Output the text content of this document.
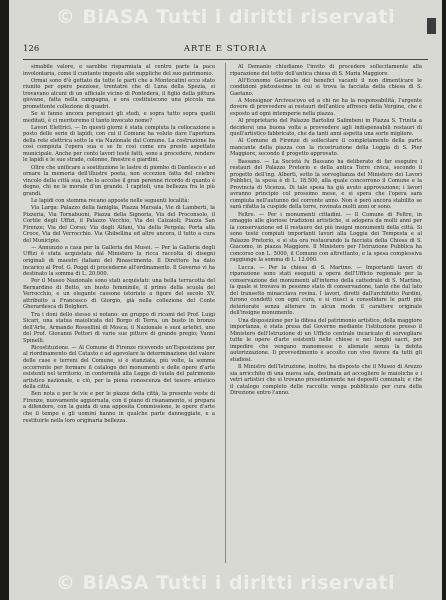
© BiASA Tutti i diritti riservati
126	ARTE E STORIA

simabile valore, e sarebbe risparmiata al centro parte la pace involontaria, come il cuntante imposto alle suppliche del suo patrimonio.

Ormai sono d'è gettato da tutte le parti che a Montecatini ecco stato riunito per opere pezziose, trentatrè che di Luna della Spezia, si trovavano alcuni di un ufficiale vicino di Pontedera, il figlio della pittura giovane, fatta nella campagna, e ora costituiscono una piccola ma promettente collezione di quadri.

Se si fanno ancora perspicaci gli studi, e sopra tutto sopra quelli meditati, è ci meriteremo il tanto invocato nome?

Lavori Elettrici. — In questi giorni è stata compiuta la collocazione a posto delle serie di lapidi, con cui il Comune ha voluto dare l'apertura della rete elettrica sotto la via Nazionale dal Comune. La costruzione ha così compiuta l'opera sua e se fu cosi come era presto aspettato municipale. Anche per cento lavori testé fatti, sono a procedere, rendere le lapidi e le sue strade, colonne, finestre e giardini.

Oltre che unificare a sostituzione le lastre di piombo di Dantesco e ad ornare la memoria dell'illustre poeta, non eccezion fatta del celebre vincolo della città sua, che lo accolse il gran perenne ricordo di quanto è degno, chi ne le morale d'un grande. I capitoli, una bellezza fra le più grandi.

Le lapidi con stemma recano apposte nelle seguenti località:

Via Larga: Palazzo della famiglia, Piazza Marsala, Vie di Lamberti, la Pizzeria, Via Tornabuoni, Piazza della Signoria, Via del Proconsolo, il Cortile degli Uffizi, il Palazzo Vecchio, Via dei Calzaioli; Piazza San Firenze; Via del Corso; Via degli Alfani, Via della Pergola; Porta alla Croce, Via del Verrocchio. Via Ghibellina ed altre ancora, il tutto a cura del Municipio.

— Annunzio a casa per la Galleria dei Musei. — Per la Galleria degli Uffizi è stata acquistata dal Ministero la ricca raccolta di disegni originali di maestri italiani del Rinascimento. Il Direttore ha dato incarico al Prof. G. Poggi di procederne all'ordinamento. Il Governo vi ha destinato la somma di L. 20.000.

Per il Museo Nazionale sono stati acquistati: una bella terracotta del Bernardino di Betto, un busto femminile, il primo della scuola del Verrocchio, e un elegante cassone istoriato a figure del secolo XV, attribuito a Francesco di Giorgio, già nella collezione del Conte Gherardesca di Bolgheri.

Tra i doni dello stesso si notano: un gruppo di ricami del Prof. Luigi Sicari, una statua maiolicata del Borgo di Terra, un busto in bronzo dell'Arte, Armando Rossellini di Mosca; il Nazionale e suoi artefici, uno del Prof. Giovanni Pettori di varie sue pitture di grande pregio; Vanni Spinelli.

Ricostituzione. — Al Comune di Firenze ricevendo un'Esposizione per al riordinamento del Catasto e ad agevolare la determinazione del valore delle case e terreni del Comune, si è stanziata, più volte, la somma occorrente per formare il catalogo dei monumenti e delle opere d'arte esistenti nel territorio, in conformità alla Legge di tutela del patrimonio artistico nazionale, e ciò, per la piena conoscenza del tesoro artistico della città.

Ben nota e per le vie e per le piazze della città, la presente veste di Firenze, nuovamente aggiornata, con il piano di risanamento, si prepara a difendere, con la guida di una apposita Commissione, le opere d'arte che il tempo e gli uomini hanno in qualche parte danneggiate, e a restituirle nella loro originaria bellezza.

Al Demanio chiudiamo l'invito di procedere sollecitamente alla riparazione del tetto dell'antica chiesa di S. Maria Maggiore.

All'Economo Generale dei benefici vacanti il non dimenticare le condizioni pietosissime in cui si trova la facciata della chiesa di S. Gaetano.

A Monsignor Arcivescovo ed a chi ne ha la responsabilità, l'urgente dovere di provvedere ai restauri dell'antico affresco della Vergine, che è esposto ad ogni intemperie nella piazza.

Al proprietario del Palazzo Bartolini Salimbeni in Piazza S. Trinita a decidersi una buona volta a provvedere agli indispensabili restauri di quell'artistico fabbricato, che da tanti anni aspetta una sorte migliore.

Al Comune di Firenze di sollecitare il completamento della parte mancante della piazza con la ricostruzione della Loggia di S. Pier Maggiore, secondo il progetto approvato.

Bassano. — La Società fu Bassano ha deliberato di far eseguire i restauri del Palazzo Pretorio e della antica Torre civica, secondo il progetto dell'ing. Alberti, sotto la sorveglianza del Ministero dei Lavori Pubblici, la spesa è di L. 18.500, alla quale concorrono il Comune e la Provincia di Vicenza. Di tale spesa ha già avuto approvazione; i lavori avranno principio col prossimo mese, e si spera che l'opera sarà compiuta nell'autunno del corrente anno. Non è però ancora stabilito se sarà rifatta la cuspide della torre, rovinata molti anni or sono.

Feltre. — Per i monumenti cittadini. — Il Comune di Feltre, in omaggio alle gloriose tradizioni artistiche, si adopera da molti anni per la conservazione ed il restauro dei più insigni monumenti della città. Si sono testé compiuti importanti lavori alla Loggia dei Tempesta e al Palazzo Pretorio, e si sta ora restaurando la facciata della Chiesa di S. Giacomo, in piazza Maggiore. Il Ministero per l'Istruzione Pubblica ha concorso con L. 5000, il Comune con altrettanto, e la spesa complessiva raggiunge la somma di L. 12.000.

Lucca. — Per la chiesa di S. Martino. — Importanti lavori di riparazione sono stati eseguiti a opera dell'Ufficio regionale per la conservazione dei monumenti all'interno della cattedrale di S. Martino, la quale si trovava in pessimo stato di conservazione, tanto che dal lato del transetto minacciava rovina. I lavori, diretti dall'architetto Pardini, furono condotti con ogni cura, e si riuscì a consolidare le parti più deteriorate senza alterare in alcun modo il carattere originale dell'insigne monumento.

Una disposizione per la difesa del patrimonio artistico, della maggiore importanza, è stata presa dal Governo mediante l'istituzione presso il Ministero dell'Istruzione di un Ufficio centrale incaricato di sorvegliare tutte le opere d'arte esistenti nelle chiese e nei luoghi sacri, per impedire che vengano manomesse o alienate senza la debita autorizzazione. Il provvedimento è accolto con vivo favore da tutti gli studiosi.

Il Ministro dell'Istruzione, inoltre, ha disposto che il Museo di Arezzo sia arricchito di una nuova sala, destinata ad accogliere le maioliche e i vetri artistici che si trovano presentemente nei depositi comunali; e che il catalogo completo delle raccolte venga pubblicato per cura della Direzione entro l'anno.

© BiASA Tutti i diritti riservati
